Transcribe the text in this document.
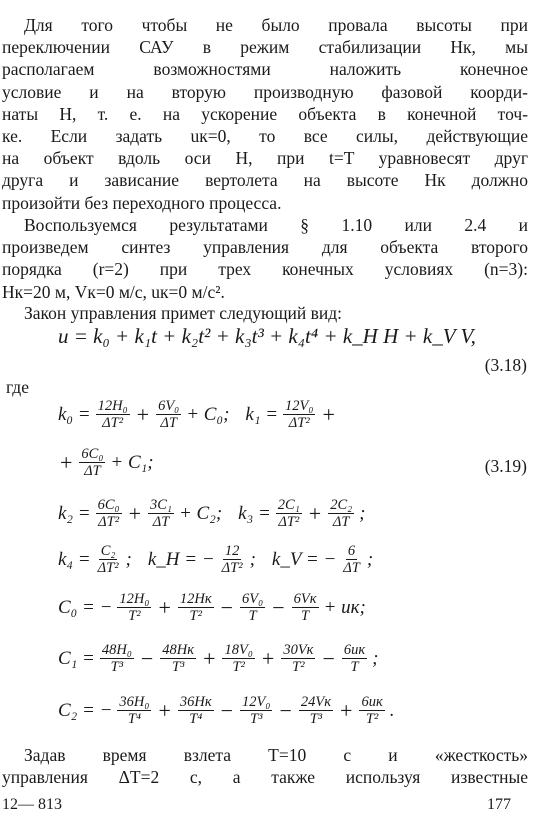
Для того чтобы не было провала высоты при
переключении САУ в режим стабилизации Hк, мы
располагаем возможностями наложить конечное
условие и на вторую производную фазовой коорди-
наты H, т. е. на ускорение объекта в конечной точ-
ке. Если задать uк=0, то все силы, действующие
на объект вдоль оси H, при t=T уравновесят друг
друга и зависание вертолета на высоте Hк должно
произойти без переходного процесса.
Воспользуемся результатами § 1.10 или 2.4 и
произведем синтез управления для объекта второго
порядка (r=2) при трех конечных условиях (n=3):
Hк=20 м, Vк=0 м/с, uк=0 м/с².
Закон управления примет следующий вид:
u = k₀ + k₁t + k₂t² + k₃t³ + k₄t⁴ + k_H H + k_V V,
(3.18)
где
$k_0 = \frac{\text{12H₀}}{\text{ΔT²}} + \frac{\text{6V₀}}{\Delta T} + C_0$; $k_1 = \frac{\text{12V₀}}{\text{ΔT²}}$ +
+ $\frac{\text{6C₀}}{\Delta T} + C_1$;	(3.19)
$k_2 = \frac{\text{6C₀}}{\text{ΔT²}} + \frac{\text{3C₁}}{\Delta T} + C_2$; $k_3 = \frac{\text{2C₁}}{\text{ΔT²}} + \frac{\text{2C₂}}{\Delta T}$ ;
$k_4 = \frac{\text{C₂}}{\text{ΔT²}}$ ; k_H = − $\frac{12}{\text{ΔT²}}$ ; k_V = − $\frac{6}{\Delta T}$ ;
C₀ = − $\frac{\text{12H₀}}{\text{T²}} + \frac{12Hк}{\text{T²}} - \frac{\text{6V₀}}{T} - \frac{6Vк}{T}$ + uк;
$C_1 = \frac{\text{48H₀}}{\text{T³}} - \frac{48Hк}{\text{T³}} + \frac{\text{18V₀}}{\text{T²}} + \frac{30Vк}{\text{T²}} - \frac{6uк}{T}$ ;
C₂ = − $\frac{\text{36H₀}}{\text{T⁴}} + \frac{36Hк}{\text{T⁴}} - \frac{\text{12V₀}}{\text{T³}} - \frac{24Vк}{\text{T³}} + \frac{6uк}{\text{T²}}$ .
Задав время взлета T=10 с и «жесткость»
управления ΔT=2 с, а также используя известные
12— 813	177
